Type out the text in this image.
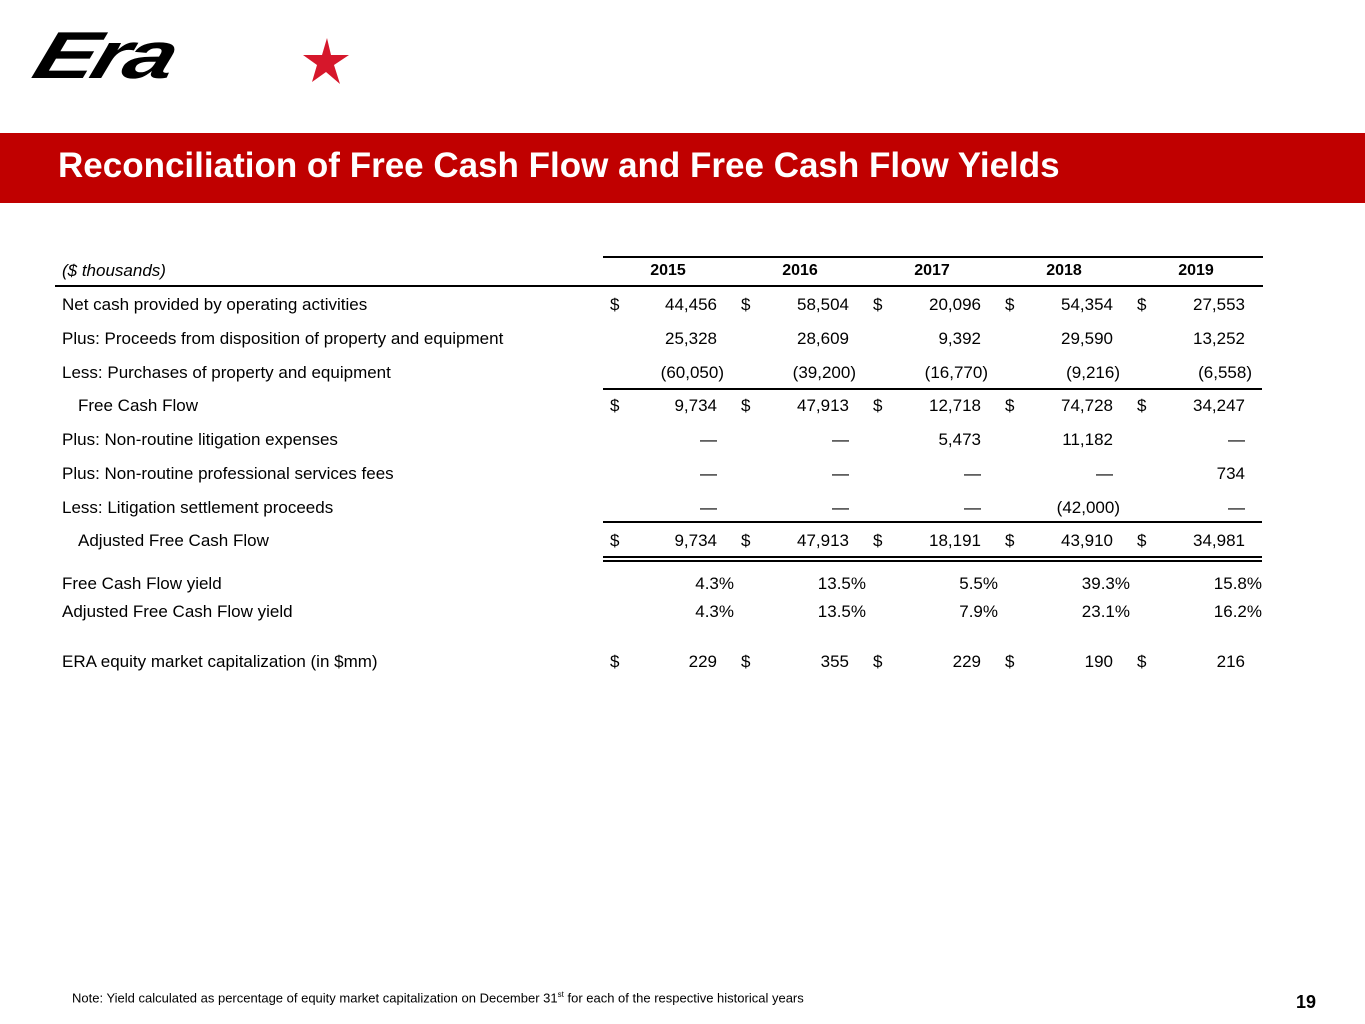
Era
Reconciliation of Free Cash Flow and Free Cash Flow Yields
($ thousands)	2015	2016	2017	2018	2019
Net cash provided by operating activities	$	44,456 $	58,504 $	20,096 $	54,354 $	27,553
Plus: Proceeds from disposition of property and equipment	25,328	28,609	9,392	29,590	13,252
Less: Purchases of property and equipment	(60,050)	(39,200)	(16,770)	(9,216)	(6,558)
Free Cash Flow	$	9,734 $	47,913 $	12,718 $	74,728 $	34,247
Plus: Non-routine litigation expenses	—	—	5,473	11,182	—
Plus: Non-routine professional services fees	—	—	—	—	734
Less: Litigation settlement proceeds	—	—	—	(42,000)	—
Adjusted Free Cash Flow	$	9,734 $	47,913 $	18,191 $	43,910 $	34,981
Free Cash Flow yield	4.3%	13.5%	5.5%	39.3%	15.8%
Adjusted Free Cash Flow yield	4.3%	13.5%	7.9%	23.1%	16.2%
ERA equity market capitalization (in $mm)	$	229 $	355 $	229 $	190 $	216
Note: Yield calculated as percentage of equity market capitalization on December 31st for each of the respective historical years	19
